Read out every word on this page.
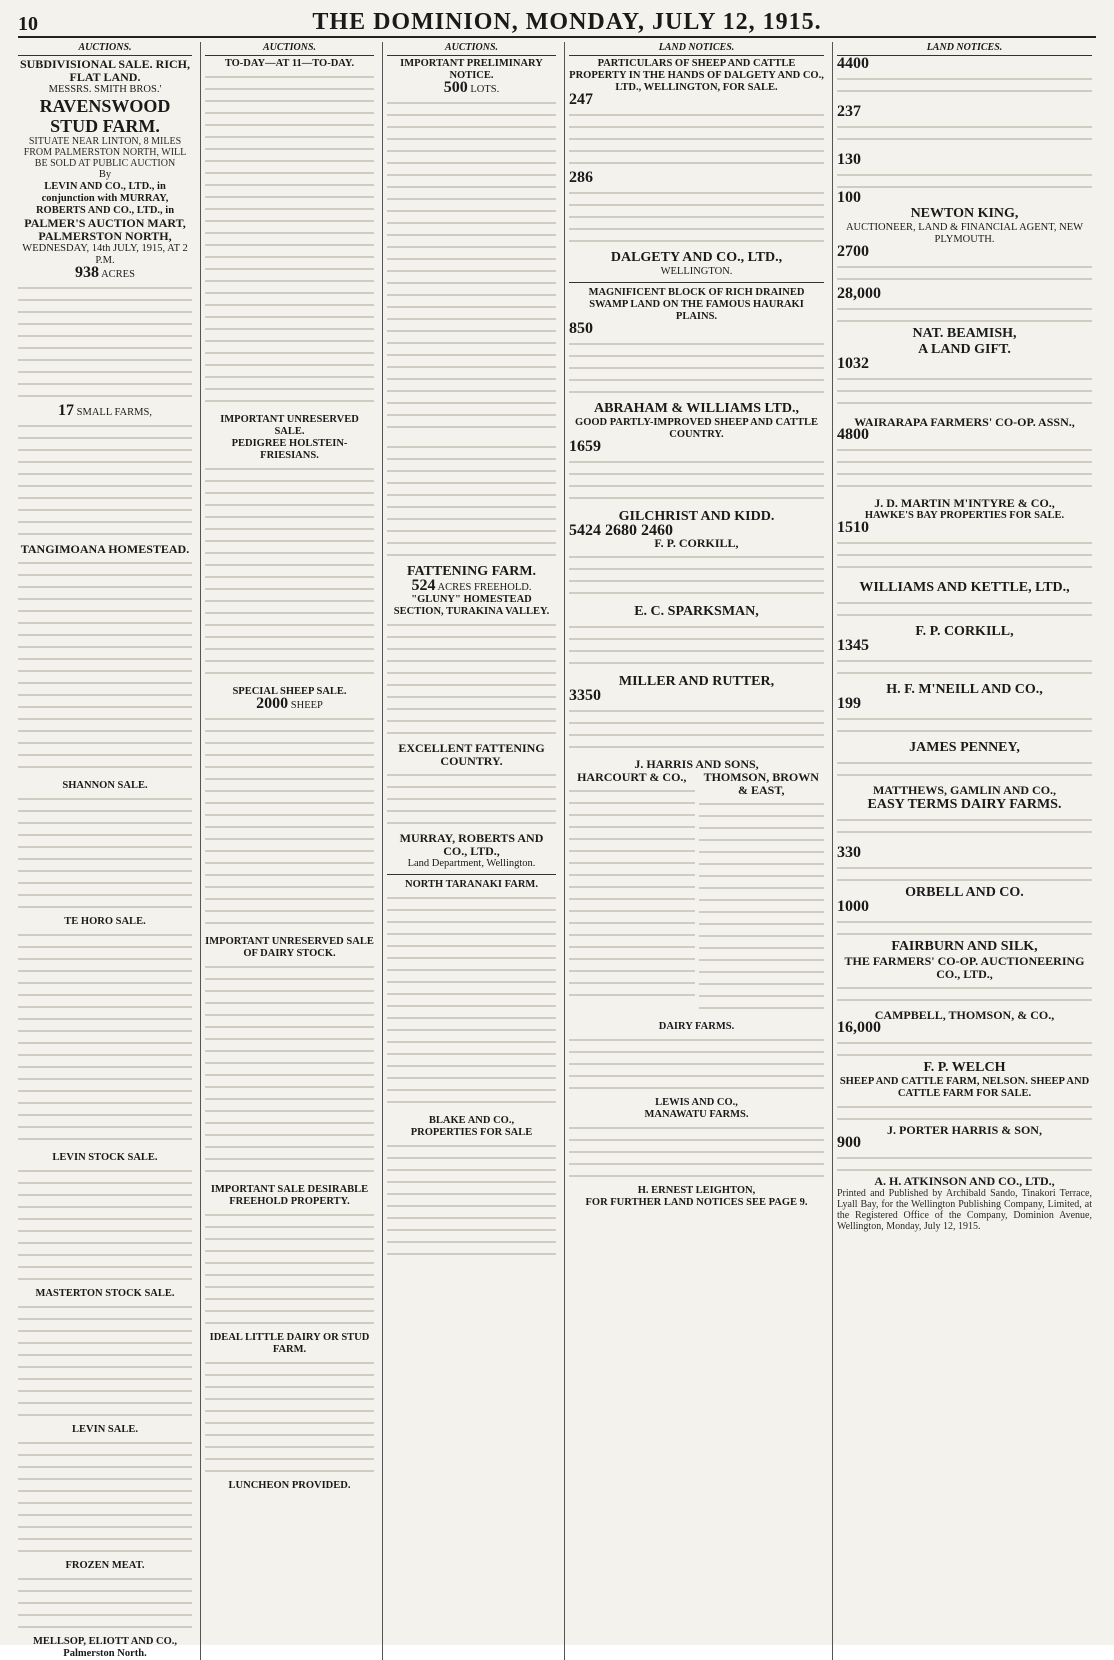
10	THE DOMINION, MONDAY, JULY 12, 1915.
AUCTIONS.
SUBDIVISIONAL SALE. RICH, FLAT LAND.
MESSRS. SMITH BROS.'
RAVENSWOOD STUD FARM.
SITUATE NEAR LINTON, 8 MILES FROM PALMERSTON NORTH, WILL BE SOLD AT PUBLIC AUCTION
By
LEVIN AND CO., LTD., in conjunction with MURRAY, ROBERTS AND CO., LTD., in
PALMER'S AUCTION MART, PALMERSTON NORTH,
WEDNESDAY, 14th JULY, 1915, AT 2 P.M.
938 ACRES
17 SMALL FARMS,
TANGIMOANA HOMESTEAD.
SHANNON SALE.
TE HORO SALE.
LEVIN STOCK SALE.
MASTERTON STOCK SALE.
LEVIN SALE.
FROZEN MEAT.
MELLSOP, ELIOTT AND CO., Palmerston North.
AUCTIONS.
TO-DAY—AT 11—TO-DAY.
IMPORTANT UNRESERVED SALE.
PEDIGREE HOLSTEIN-FRIESIANS.
SPECIAL SHEEP SALE.
2000 SHEEP
IMPORTANT UNRESERVED SALE OF DAIRY STOCK.
IMPORTANT SALE DESIRABLE FREEHOLD PROPERTY.
IDEAL LITTLE DAIRY OR STUD FARM.
LUNCHEON PROVIDED.
AUCTIONS.
IMPORTANT PRELIMINARY NOTICE.
500 LOTS.
FATTENING FARM.
524 ACRES FREEHOLD.
"GLUNY" HOMESTEAD SECTION, TURAKINA VALLEY.
EXCELLENT FATTENING COUNTRY.
MURRAY, ROBERTS AND CO., LTD.,
Land Department, Wellington.
NORTH TARANAKI FARM.
BLAKE AND CO.,
PROPERTIES FOR SALE
LAND NOTICES.
PARTICULARS OF SHEEP AND CATTLE PROPERTY IN THE HANDS OF DALGETY AND CO., LTD., WELLINGTON, FOR SALE.
247
286
DALGETY AND CO., LTD.,
WELLINGTON.
MAGNIFICENT BLOCK OF RICH DRAINED SWAMP LAND ON THE FAMOUS HAURAKI PLAINS.
850
ABRAHAM & WILLIAMS LTD.,
GOOD PARTLY-IMPROVED SHEEP AND CATTLE COUNTRY.
1659
GILCHRIST AND KIDD.
5424 2680 2460
F. P. CORKILL,
E. C. SPARKSMAN,
MILLER AND RUTTER,
3350
J. HARRIS AND SONS,
HARCOURT & CO.,	THOMSON, BROWN & EAST,
DAIRY FARMS.
LEWIS AND CO.,
MANAWATU FARMS.
H. ERNEST LEIGHTON,
FOR FURTHER LAND NOTICES SEE PAGE 9.
LAND NOTICES.
4400
237
130
100
NEWTON KING,
AUCTIONEER, LAND & FINANCIAL AGENT, NEW PLYMOUTH.
2700
28,000
NAT. BEAMISH,
A LAND GIFT.
1032
WAIRARAPA FARMERS' CO-OP. ASSN.,
4800
J. D. MARTIN M'INTYRE & CO.,
HAWKE'S BAY PROPERTIES FOR SALE.
1510
WILLIAMS AND KETTLE, LTD.,
F. P. CORKILL,
1345
H. F. M'NEILL AND CO.,
199
JAMES PENNEY,
MATTHEWS, GAMLIN AND CO.,
EASY TERMS DAIRY FARMS.
330
ORBELL AND CO.
1000
FAIRBURN AND SILK,
THE FARMERS' CO-OP. AUCTIONEERING CO., LTD.,
CAMPBELL, THOMSON, & CO.,
16,000
F. P. WELCH
SHEEP AND CATTLE FARM, NELSON. SHEEP AND CATTLE FARM FOR SALE.
J. PORTER HARRIS & SON,
900
A. H. ATKINSON AND CO., LTD.,
Printed and Published by Archibald Sando, Tinakori Terrace, Lyall Bay, for the Wellington Publishing Company, Limited, at the Registered Office of the Company, Dominion Avenue, Wellington, Monday, July 12, 1915.
